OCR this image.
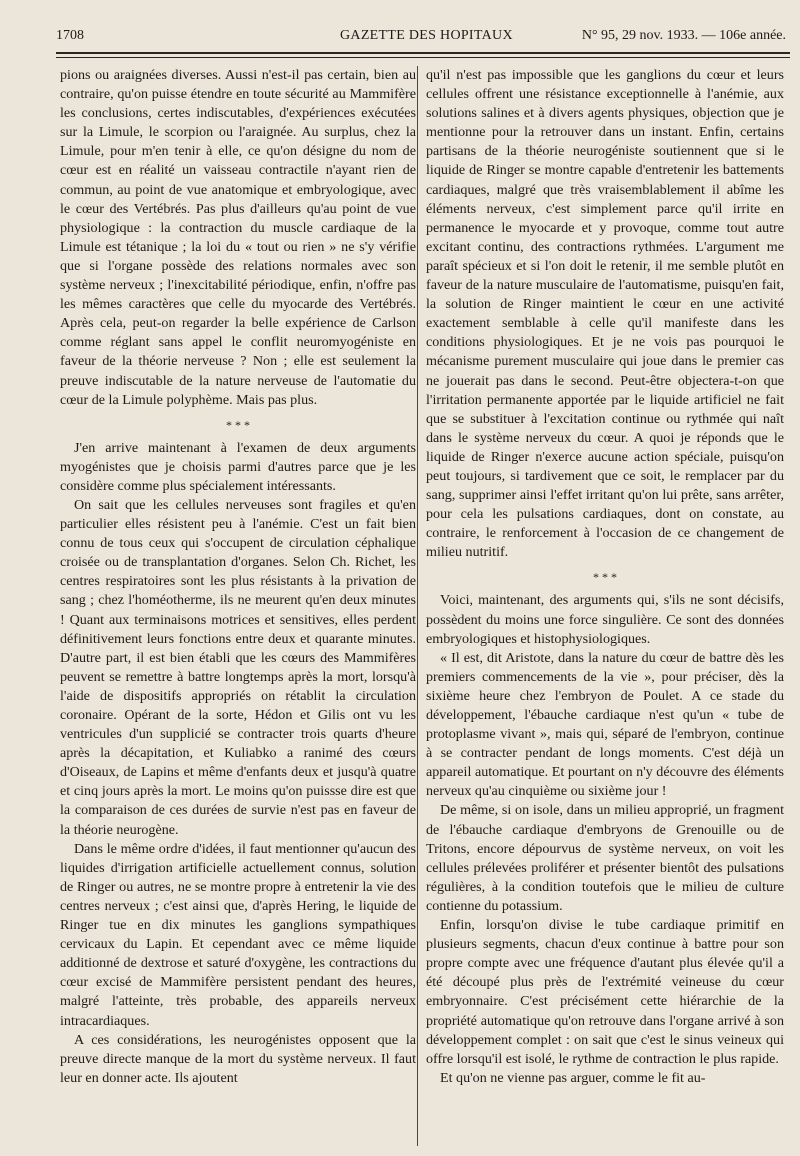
1708	GAZETTE DES HOPITAUX	N° 95, 29 nov. 1933. — 106e année.

pions ou araignées diverses. Aussi n'est-il pas certain, bien au contraire, qu'on puisse étendre en toute sécurité au Mammifère les conclusions, certes indiscutables, d'expériences exécutées sur la Limule, le scorpion ou l'araignée. Au surplus, chez la Limule, pour m'en tenir à elle, ce qu'on désigne du nom de cœur est en réalité un vaisseau contractile n'ayant rien de commun, au point de vue anatomique et embryologique, avec le cœur des Vertébrés. Pas plus d'ailleurs qu'au point de vue physiologique : la contraction du muscle cardiaque de la Limule est tétanique ; la loi du « tout ou rien » ne s'y vérifie que si l'organe possède des relations normales avec son système nerveux ; l'inexcitabilité périodique, enfin, n'offre pas les mêmes caractères que celle du myocarde des Vertébrés. Après cela, peut-on regarder la belle expérience de Carlson comme réglant sans appel le conflit neuromyogéniste en faveur de la théorie nerveuse ? Non ; elle est seulement la preuve indiscutable de la nature nerveuse de l'automatie du cœur de la Limule polyphème. Mais pas plus.

* * *

J'en arrive maintenant à l'examen de deux arguments myogénistes que je choisis parmi d'autres parce que je les considère comme plus spécialement intéressants.

On sait que les cellules nerveuses sont fragiles et qu'en particulier elles résistent peu à l'anémie. C'est un fait bien connu de tous ceux qui s'occupent de circulation céphalique croisée ou de transplantation d'organes. Selon Ch. Richet, les centres respiratoires sont les plus résistants à la privation de sang ; chez l'homéotherme, ils ne meurent qu'en deux minutes ! Quant aux terminaisons motrices et sensitives, elles perdent définitivement leurs fonctions entre deux et quarante minutes. D'autre part, il est bien établi que les cœurs des Mammifères peuvent se remettre à battre longtemps après la mort, lorsqu'à l'aide de dispositifs appropriés on rétablit la circulation coronaire. Opérant de la sorte, Hédon et Gilis ont vu les ventricules d'un supplicié se contracter trois quarts d'heure après la décapitation, et Kuliabko a ranimé des cœurs d'Oiseaux, de Lapins et même d'enfants deux et jusqu'à quatre et cinq jours après la mort. Le moins qu'on puissse dire est que la comparaison de ces durées de survie n'est pas en faveur de la théorie neurogène.

Dans le même ordre d'idées, il faut mentionner qu'aucun des liquides d'irrigation artificielle actuellement connus, solution de Ringer ou autres, ne se montre propre à entretenir la vie des centres nerveux ; c'est ainsi que, d'après Hering, le liquide de Ringer tue en dix minutes les ganglions sympathiques cervicaux du Lapin. Et cependant avec ce même liquide additionné de dextrose et saturé d'oxygène, les contractions du cœur excisé de Mammifère persistent pendant des heures, malgré l'atteinte, très probable, des appareils nerveux intracardiaques.

A ces considérations, les neurogénistes opposent que la preuve directe manque de la mort du système nerveux. Il faut leur en donner acte. Ils ajoutent

qu'il n'est pas impossible que les ganglions du cœur et leurs cellules offrent une résistance exceptionnelle à l'anémie, aux solutions salines et à divers agents physiques, objection que je mentionne pour la retrouver dans un instant. Enfin, certains partisans de la théorie neurogéniste soutiennent que si le liquide de Ringer se montre capable d'entretenir les battements cardiaques, malgré que très vraisemblablement il abîme les éléments nerveux, c'est simplement parce qu'il irrite en permanence le myocarde et y provoque, comme tout autre excitant continu, des contractions rythmées. L'argument me paraît spécieux et si l'on doit le retenir, il me semble plutôt en faveur de la nature musculaire de l'automatisme, puisqu'en fait, la solution de Ringer maintient le cœur en une activité exactement semblable à celle qu'il manifeste dans les conditions physiologiques. Et je ne vois pas pourquoi le mécanisme purement musculaire qui joue dans le premier cas ne jouerait pas dans le second. Peut-être objectera-t-on que l'irritation permanente apportée par le liquide artificiel ne fait que se substituer à l'excitation continue ou rythmée qui naît dans le système nerveux du cœur. A quoi je réponds que le liquide de Ringer n'exerce aucune action spéciale, puisqu'on peut toujours, si tardivement que ce soit, le remplacer par du sang, supprimer ainsi l'effet irritant qu'on lui prête, sans arrêter, pour cela les pulsations cardiaques, dont on constate, au contraire, le renforcement à l'occasion de ce changement de milieu nutritif.

* * *

Voici, maintenant, des arguments qui, s'ils ne sont décisifs, possèdent du moins une force singulière. Ce sont des données embryologiques et histophysiologiques.

« Il est, dit Aristote, dans la nature du cœur de battre dès les premiers commencements de la vie », pour préciser, dès la sixième heure chez l'embryon de Poulet. A ce stade du développement, l'ébauche cardiaque n'est qu'un « tube de protoplasme vivant », mais qui, séparé de l'embryon, continue à se contracter pendant de longs moments. C'est déjà un appareil automatique. Et pourtant on n'y découvre des éléments nerveux qu'au cinquième ou sixième jour !

De même, si on isole, dans un milieu approprié, un fragment de l'ébauche cardiaque d'embryons de Grenouille ou de Tritons, encore dépourvus de système nerveux, on voit les cellules prélevées proliférer et présenter bientôt des pulsations régulières, à la condition toutefois que le milieu de culture contienne du potassium.

Enfin, lorsqu'on divise le tube cardiaque primitif en plusieurs segments, chacun d'eux continue à battre pour son propre compte avec une fréquence d'autant plus élevée qu'il a été découpé plus près de l'extrémité veineuse du cœur embryonnaire. C'est précisément cette hiérarchie de la propriété automatique qu'on retrouve dans l'organe arrivé à son développement complet : on sait que c'est le sinus veineux qui offre lorsqu'il est isolé, le rythme de contraction le plus rapide.

Et qu'on ne vienne pas arguer, comme le fit au-
